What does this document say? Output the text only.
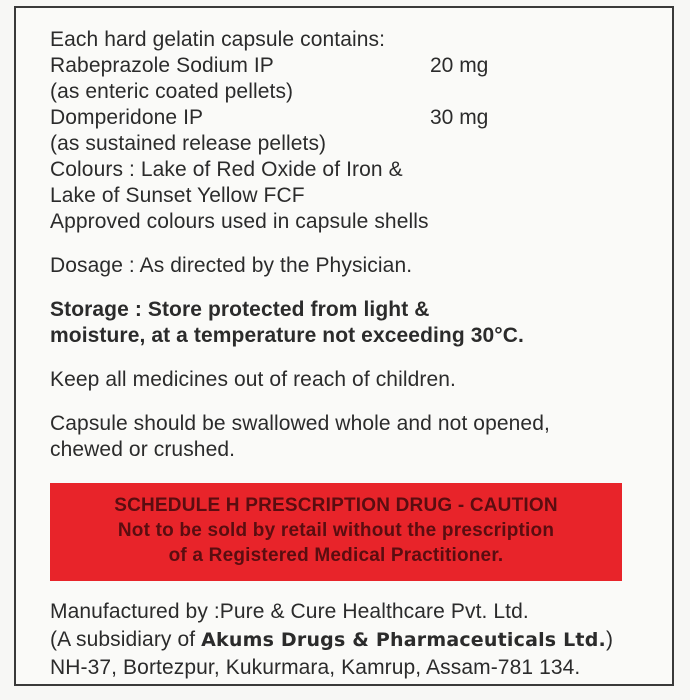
Each hard gelatin capsule contains:
Rabeprazole Sodium IP	20 mg
(as enteric coated pellets)
Domperidone IP	30 mg
(as sustained release pellets)
Colours : Lake of Red Oxide of Iron &
Lake of Sunset Yellow FCF
Approved colours used in capsule shells
Dosage : As directed by the Physician.
Storage : Store protected from light &
moisture, at a temperature not exceeding 30°C.
Keep all medicines out of reach of children.
Capsule should be swallowed whole and not opened,
chewed or crushed.
SCHEDULE H PRESCRIPTION DRUG - CAUTION
Not to be sold by retail without the prescription
of a Registered Medical Practitioner.
Manufactured by :Pure & Cure Healthcare Pvt. Ltd.
(A subsidiary of Akums Drugs & Pharmaceuticals Ltd.)
NH-37, Bortezpur, Kukurmara, Kamrup, Assam-781 134.
